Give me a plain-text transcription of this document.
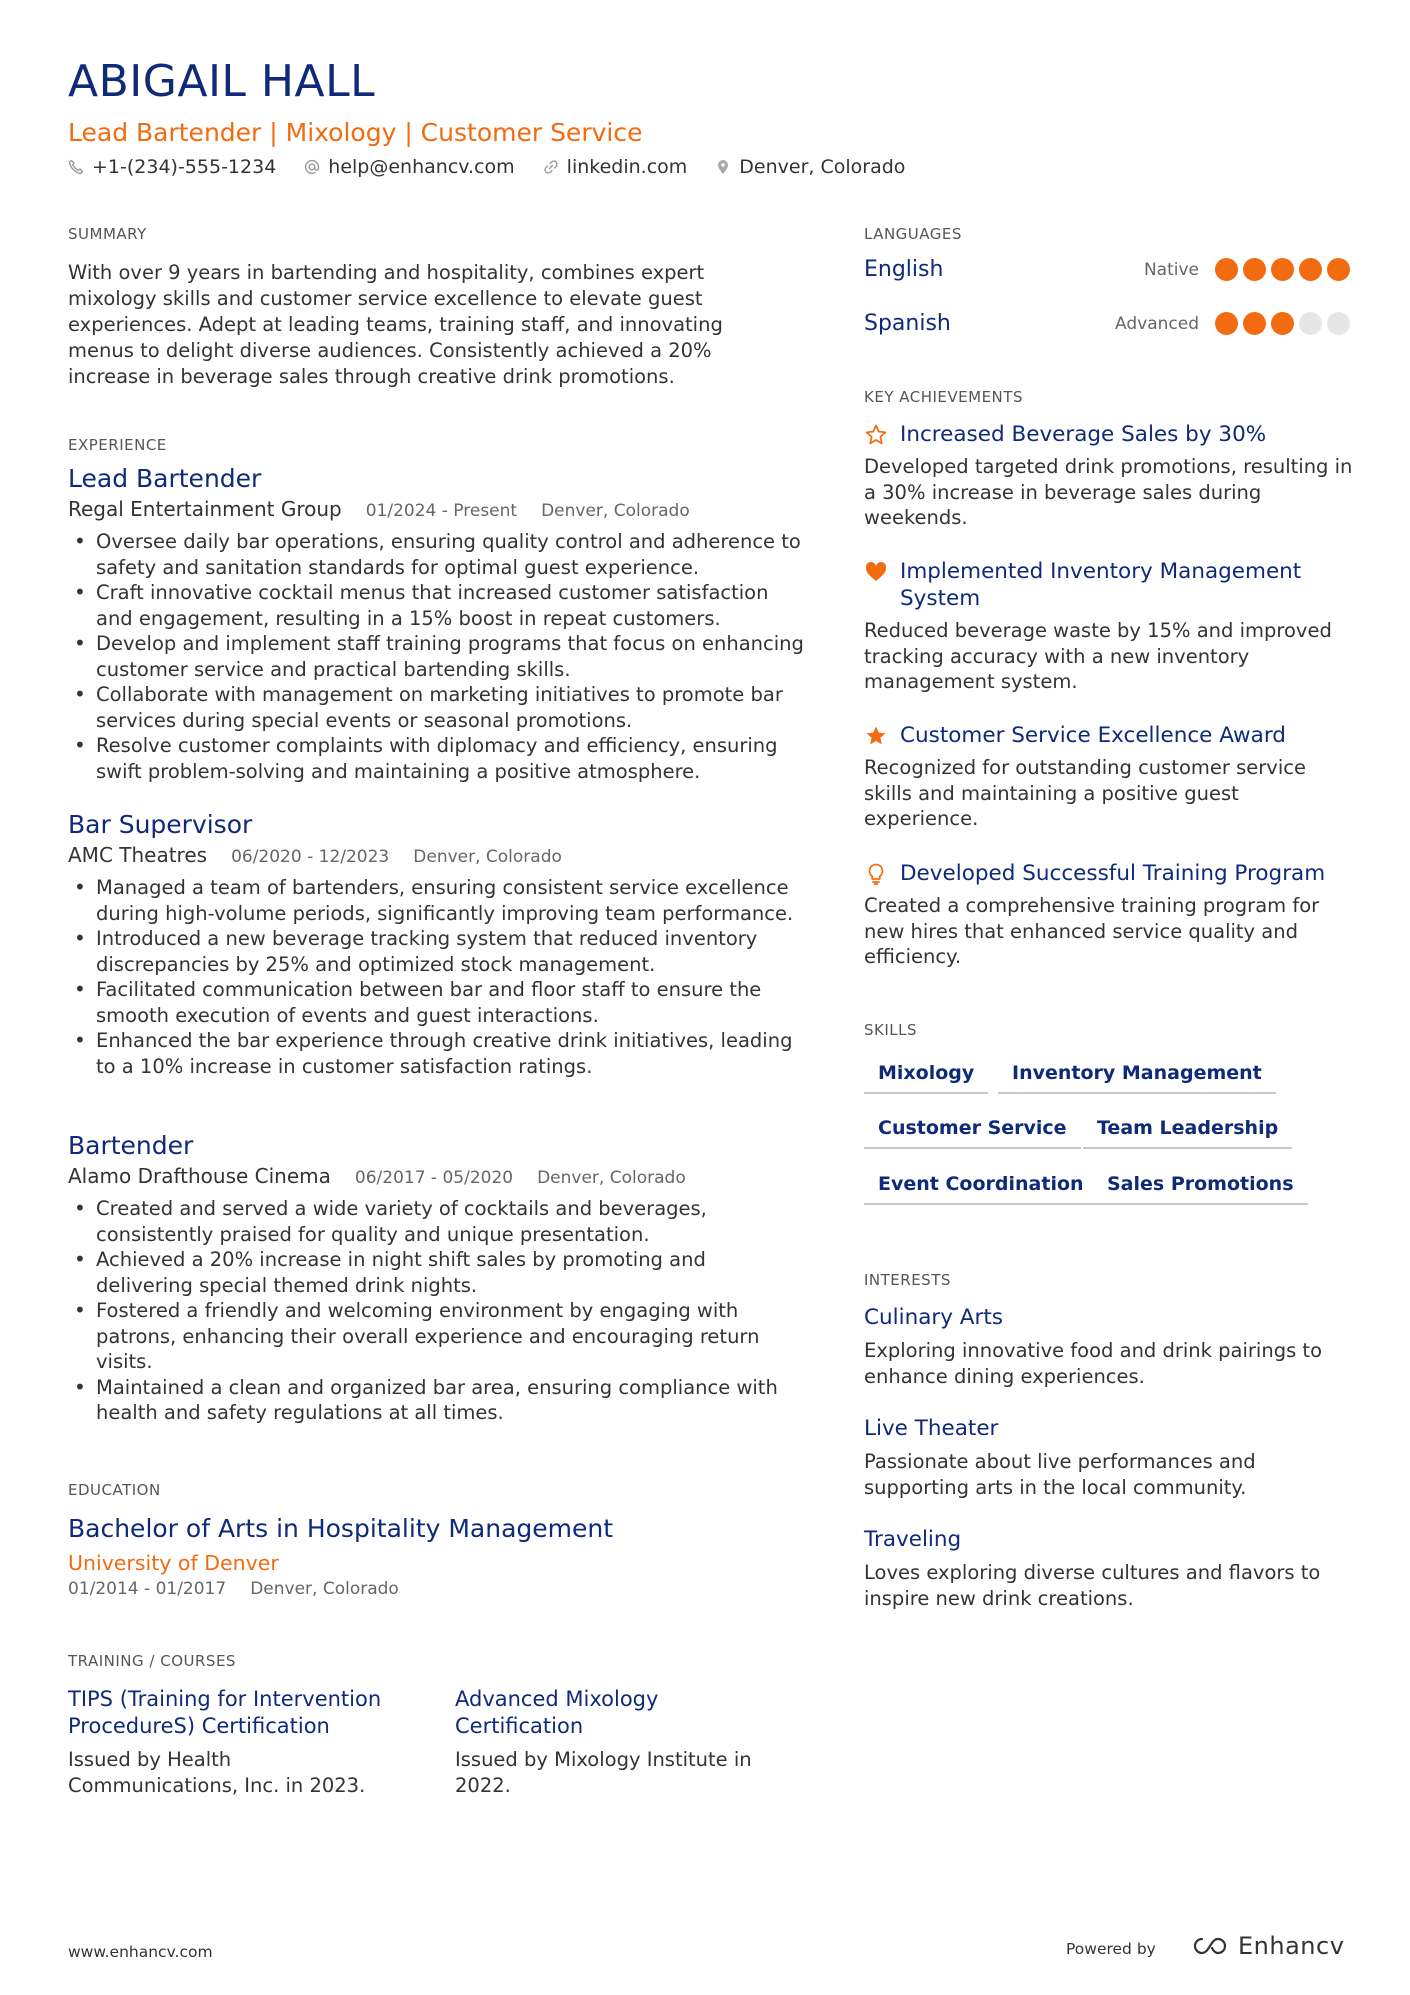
ABIGAIL HALL
Lead Bartender | Mixology | Customer Service
+1-(234)-555-1234	help@enhancv.com	linkedin.com	Denver, Colorado
SUMMARY

With over 9 years in bartending and hospitality, combines expert mixology skills and customer service excellence to elevate guest experiences. Adept at leading teams, training staff, and innovating menus to delight diverse audiences. Consistently achieved a 20% increase in beverage sales through creative drink promotions.

EXPERIENCE
Lead Bartender
Regal Entertainment Group 01/2024 - Present Denver, Colorado
• Oversee daily bar operations, ensuring quality control and adherence to safety and sanitation standards for optimal guest experience.
• Craft innovative cocktail menus that increased customer satisfaction and engagement, resulting in a 15% boost in repeat customers.
• Develop and implement staff training programs that focus on enhancing customer service and practical bartending skills.
• Collaborate with management on marketing initiatives to promote bar services during special events or seasonal promotions.
• Resolve customer complaints with diplomacy and efficiency, ensuring swift problem-solving and maintaining a positive atmosphere.
Bar Supervisor
AMC Theatres 06/2020 - 12/2023 Denver, Colorado
• Managed a team of bartenders, ensuring consistent service excellence during high-volume periods, significantly improving team performance.
• Introduced a new beverage tracking system that reduced inventory discrepancies by 25% and optimized stock management.
• Facilitated communication between bar and floor staff to ensure the smooth execution of events and guest interactions.
• Enhanced the bar experience through creative drink initiatives, leading to a 10% increase in customer satisfaction ratings.
Bartender
Alamo Drafthouse Cinema 06/2017 - 05/2020 Denver, Colorado
• Created and served a wide variety of cocktails and beverages, consistently praised for quality and unique presentation.
• Achieved a 20% increase in night shift sales by promoting and delivering special themed drink nights.
• Fostered a friendly and welcoming environment by engaging with patrons, enhancing their overall experience and encouraging return visits.
• Maintained a clean and organized bar area, ensuring compliance with health and safety regulations at all times.
EDUCATION
Bachelor of Arts in Hospitality Management
University of Denver
01/2014 - 01/2017 Denver, Colorado
TRAINING / COURSES
TIPS (Training for Intervention ProcedureS) Certification
Issued by Health Communications, Inc. in 2023.
Advanced Mixology Certification
Issued by Mixology Institute in 2022.
LANGUAGES
English	Native
Spanish	Advanced
KEY ACHIEVEMENTS
Increased Beverage Sales by 30%
Developed targeted drink promotions, resulting in a 30% increase in beverage sales during weekends.
Implemented Inventory Management System
Reduced beverage waste by 15% and improved tracking accuracy with a new inventory management system.
Customer Service Excellence Award
Recognized for outstanding customer service skills and maintaining a positive guest experience.
Developed Successful Training Program
Created a comprehensive training program for new hires that enhanced service quality and efficiency.
SKILLS
Mixology	Inventory Management
Customer Service	Team Leadership
Event Coordination	Sales Promotions
INTERESTS
Culinary Arts
Exploring innovative food and drink pairings to enhance dining experiences.
Live Theater
Passionate about live performances and supporting arts in the local community.
Traveling
Loves exploring diverse cultures and flavors to inspire new drink creations.
www.enhancv.com	Powered by	Enhancv
